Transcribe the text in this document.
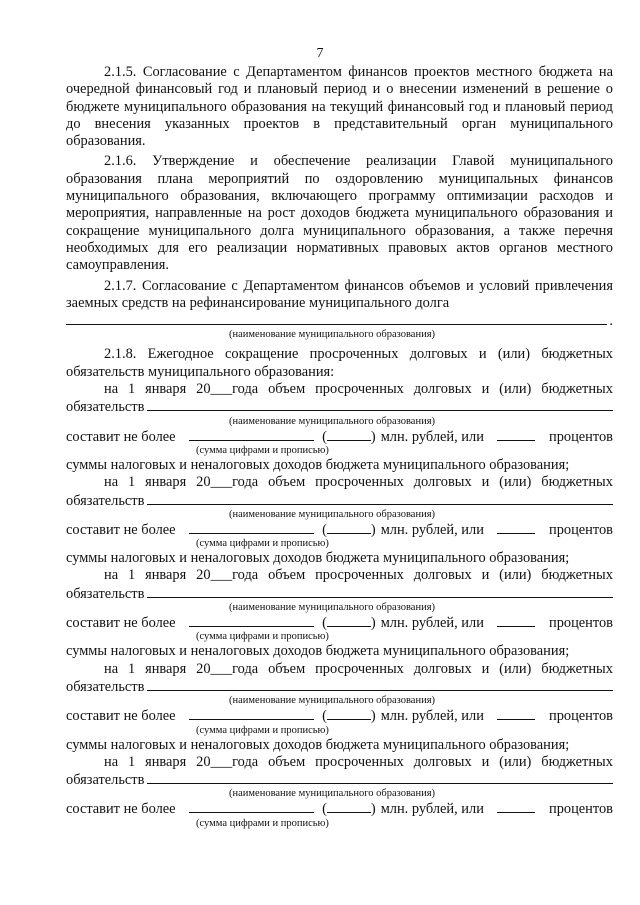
7

2.1.5. Согласование с Департаментом финансов проектов местного бюджета на очередной финансовый год и плановый период и о внесении изменений в решение о бюджете муниципального образования на текущий финансовый год и плановый период до внесения указанных проектов в представительный орган муниципального образования.

2.1.6. Утверждение и обеспечение реализации Главой муниципального образования плана мероприятий по оздоровлению муниципальных финансов муниципального образования, включающего программу оптимизации расходов и мероприятия, направленные на рост доходов бюджета муниципального образования и сокращение муниципального долга муниципального образования, а также перечня необходимых для его реализации нормативных правовых актов органов местного самоуправления.

2.1.7. Согласование с Департаментом финансов объемов и условий привлечения заемных средств на рефинансирование муниципального долга

.
(наименование муниципального образования)

2.1.8. Ежегодное сокращение просроченных долговых и (или) бюджетных обязательств муниципального образования:

на 1 января 20___года объем просроченных долговых и (или) бюджетных
обязательств
(наименование муниципального образования)
составит не более	(	) млн. рублей, или	процентов
(сумма цифрами и прописью)
суммы налоговых и неналоговых доходов бюджета муниципального образования;
на 1 января 20___года объем просроченных долговых и (или) бюджетных
обязательств
(наименование муниципального образования)
составит не более	(	) млн. рублей, или	процентов
(сумма цифрами и прописью)
суммы налоговых и неналоговых доходов бюджета муниципального образования;
на 1 января 20___года объем просроченных долговых и (или) бюджетных
обязательств
(наименование муниципального образования)
составит не более	(	) млн. рублей, или	процентов
(сумма цифрами и прописью)
суммы налоговых и неналоговых доходов бюджета муниципального образования;
на 1 января 20___года объем просроченных долговых и (или) бюджетных
обязательств
(наименование муниципального образования)
составит не более	(	) млн. рублей, или	процентов
(сумма цифрами и прописью)
суммы налоговых и неналоговых доходов бюджета муниципального образования;
на 1 января 20___года объем просроченных долговых и (или) бюджетных
обязательств
(наименование муниципального образования)
составит не более	(	) млн. рублей, или	процентов
(сумма цифрами и прописью)
